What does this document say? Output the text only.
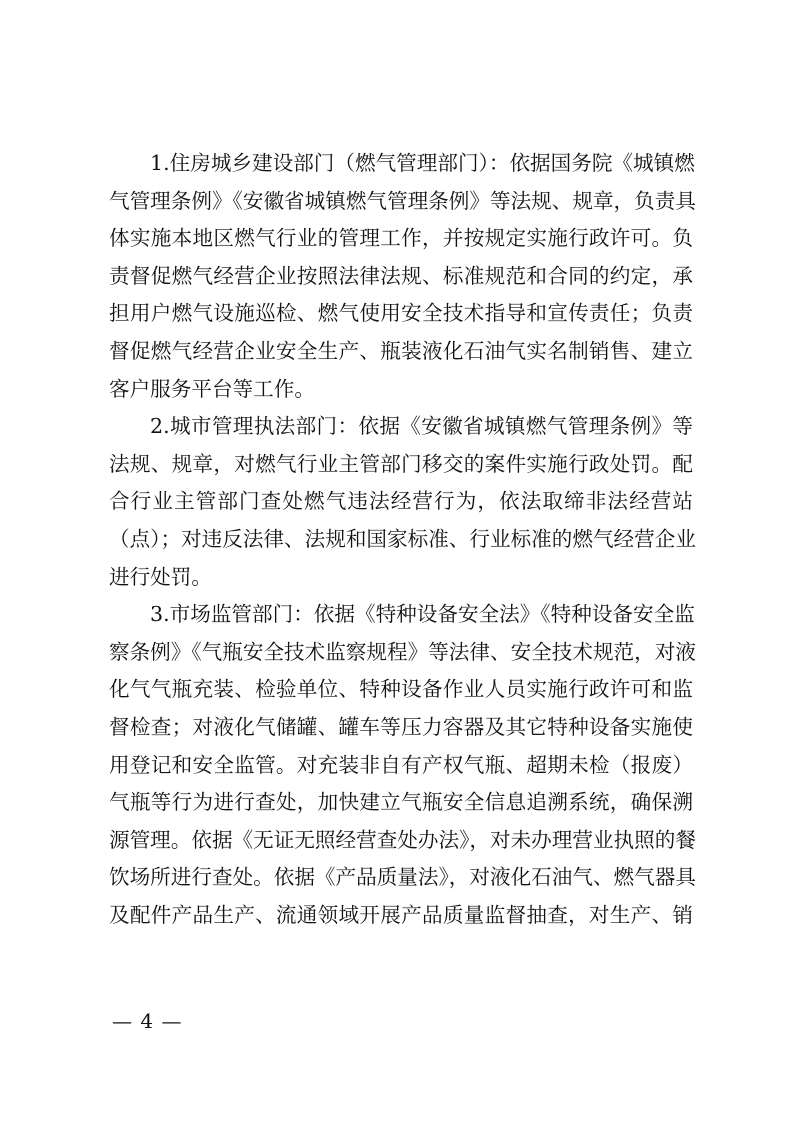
1.住房城乡建设部门（燃气管理部门）：依据国务院《城镇燃
气管理条例》《安徽省城镇燃气管理条例》等法规、规章，负责具
体实施本地区燃气行业的管理工作，并按规定实施行政许可。负
责督促燃气经营企业按照法律法规、标准规范和合同的约定，承
担用户燃气设施巡检、燃气使用安全技术指导和宣传责任；负责
督促燃气经营企业安全生产、瓶装液化石油气实名制销售、建立
客户服务平台等工作。
2.城市管理执法部门：依据《安徽省城镇燃气管理条例》等
法规、规章，对燃气行业主管部门移交的案件实施行政处罚。配
合行业主管部门查处燃气违法经营行为，依法取缔非法经营站
（点）；对违反法律、法规和国家标准、行业标准的燃气经营企业
进行处罚。
3.市场监管部门：依据《特种设备安全法》《特种设备安全监
察条例》《气瓶安全技术监察规程》等法律、安全技术规范，对液
化气气瓶充装、检验单位、特种设备作业人员实施行政许可和监
督检查；对液化气储罐、罐车等压力容器及其它特种设备实施使
用登记和安全监管。对充装非自有产权气瓶、超期未检（报废）
气瓶等行为进行查处，加快建立气瓶安全信息追溯系统，确保溯
源管理。依据《无证无照经营查处办法》，对未办理营业执照的餐
饮场所进行查处。依据《产品质量法》，对液化石油气、燃气器具
及配件产品生产、流通领域开展产品质量监督抽查，对生产、销
— 4 —
